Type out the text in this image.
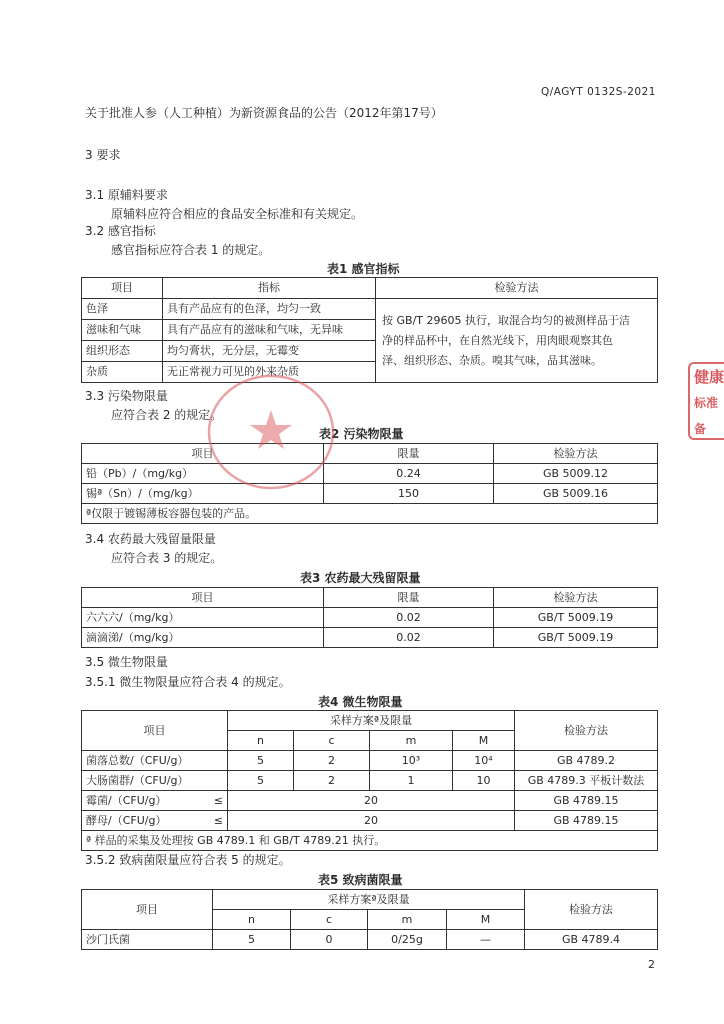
Q/AGYT 0132S-2021
关于批准人参（人工种植）为新资源食品的公告（2012年第17号）
3 要求
3.1 原辅料要求
原辅料应符合相应的食品安全标准和有关规定。
3.2 感官指标
感官指标应符合表 1 的规定。
表1 感官指标
项目	指标	检验方法
色泽	具有产品应有的色泽，均匀一致	按 GB/T 29605 执行，取混合均匀的被测样品于洁
净的样品杯中，在自然光线下，用肉眼观察其色
泽、组织形态、杂质。嗅其气味，品其滋味。

滋味和气味	具有产品应有的滋味和气味，无异味	
组织形态	均匀膏状，无分层，无霉变	
杂质	无正常视力可见的外来杂质	
3.3 污染物限量
应符合表 2 的规定。
表2 污染物限量
项目	限量	检验方法
铅（Pb）/（mg/kg）	0.24	GB 5009.12
锡ª（Sn）/（mg/kg）	150	GB 5009.16
ª仅限于镀锡薄板容器包装的产品。		
3.4 农药最大残留量限量
应符合表 3 的规定。
表3 农药最大残留限量
项目	限量	检验方法
六六六/（mg/kg）	0.02	GB/T 5009.19
滴滴涕/（mg/kg）	0.02	GB/T 5009.19
3.5 微生物限量
3.5.1 微生物限量应符合表 4 的规定。
表4 微生物限量
项目	采样方案ª及限量				检验方法
	n	c	m	M	
菌落总数/（CFU/g）	5	2	10³	10⁴	GB 4789.2
大肠菌群/（CFU/g）	5	2	1	10	GB 4789.3 平板计数法
霉菌/（CFU/g） ≤	20				GB 4789.15
酵母/（CFU/g） ≤	20				GB 4789.15
ª 样品的采集及处理按 GB 4789.1 和 GB/T 4789.21 执行。					
3.5.2 致病菌限量应符合表 5 的规定。
表5 致病菌限量
项目	采样方案ª及限量				检验方法
	n	c	m	M	
沙门氏菌	5	0	0/25g	—	GB 4789.4
2
健康
标准备
